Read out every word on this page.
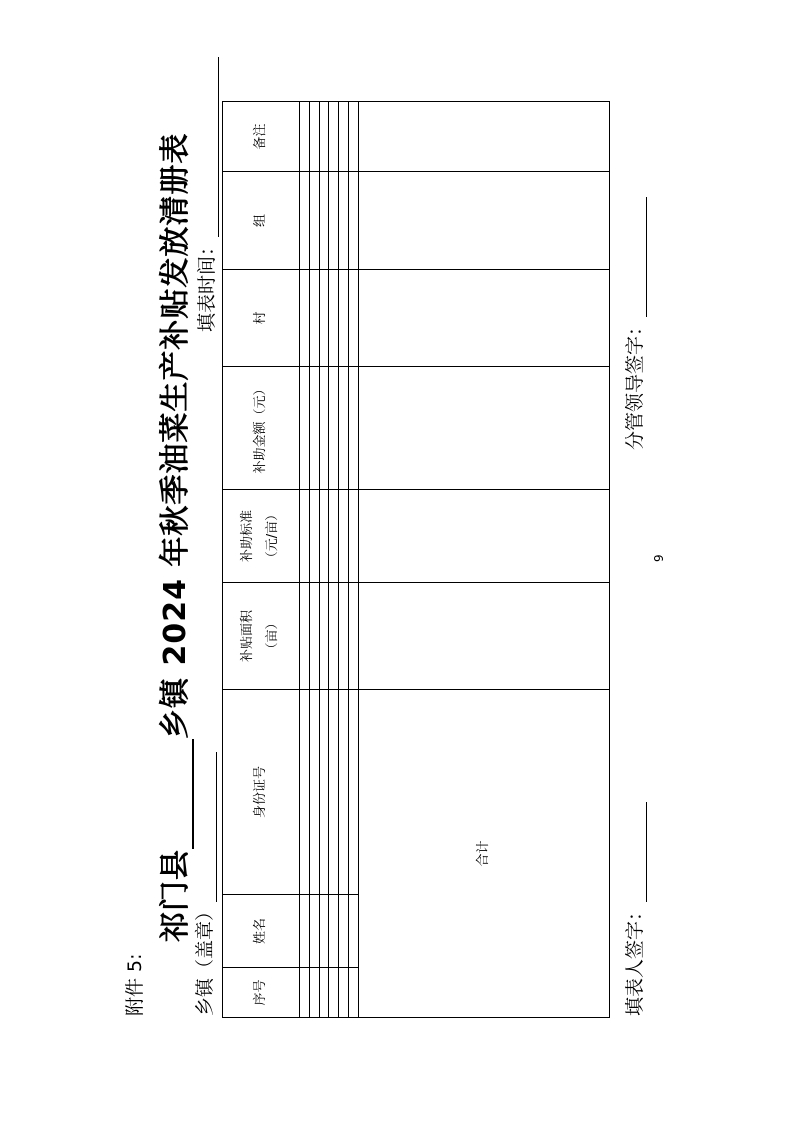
附件 5:
祁门县乡镇 2024 年秋季油菜生产补贴发放清册表
乡镇（盖章）
填表时间：
序号	姓名	身份证号	补贴面积 （亩）	补助标准 （元/亩）	补助金额（元）	村	组	备注

合计								
填表人签字：
分管领导签字：
9
